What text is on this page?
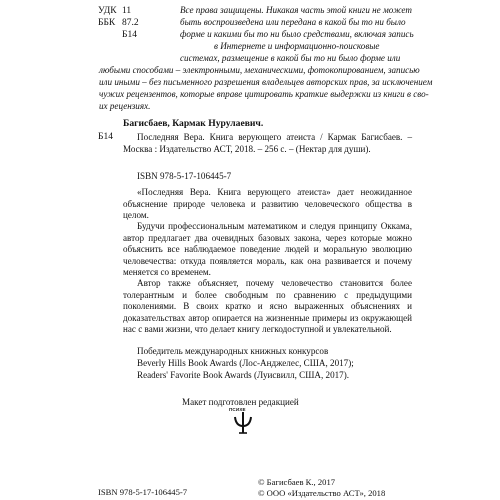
УДК 11
ББК 87.2
Б14
Все права защищены. Никакая часть этой книги не может
быть воспроизведена или передана в какой бы то ни было
форме и какими бы то ни было средствами, включая запись
в Интернете и информационно-поисковые
системах, размещение в какой бы то ни было форме или
любыми способами – электронными, механическими, фотокопированием, записью
или иными – без письменного разрешения владельцев авторских прав, за исключением
чужих рецензентов, которые вправе цитировать краткие выдержки из книги в сво-
их рецензиях.
Багисбаев, Кармак Нурулаевич.
Б14	Последняя Вера. Книга верующего атеиста / Кармак Багисбаев. – Москва : Издательство АСТ, 2018. – 256 с. – (Нектар для души).
ISBN 978-5-17-106445-7
«Последняя Вера. Книга верующего атеиста» дает неожиданное объяснение природе человека и развитию человеческого общества в целом.
Будучи профессиональным математиком и следуя принципу Оккама, автор предлагает два очевидных базовых закона, через которые можно объяснить все наблюдаемое поведение людей и моральную эволюцию человечества: откуда появляется мораль, как она развивается и почему меняется со временем.
Автор также объясняет, почему человечество становится более толерантным и более свободным по сравнению с предыдущими поколениями. В своих кратко и ясно выраженных объяснениях и доказательствах автор опирается на жизненные примеры из окружающей нас с вами жизни, что делает книгу легкодоступной и увлекательной.
Победитель международных книжных конкурсов
Beverly Hills Book Awards (Лос-Анджелес, США, 2017);
Readers' Favorite Book Awards (Луисвилл, США, 2017).
Макет подготовлен редакцией
ПСИХЕ
ISBN 978-5-17-106445-7
© Багисбаев К., 2017
© ООО «Издательство АСТ», 2018
